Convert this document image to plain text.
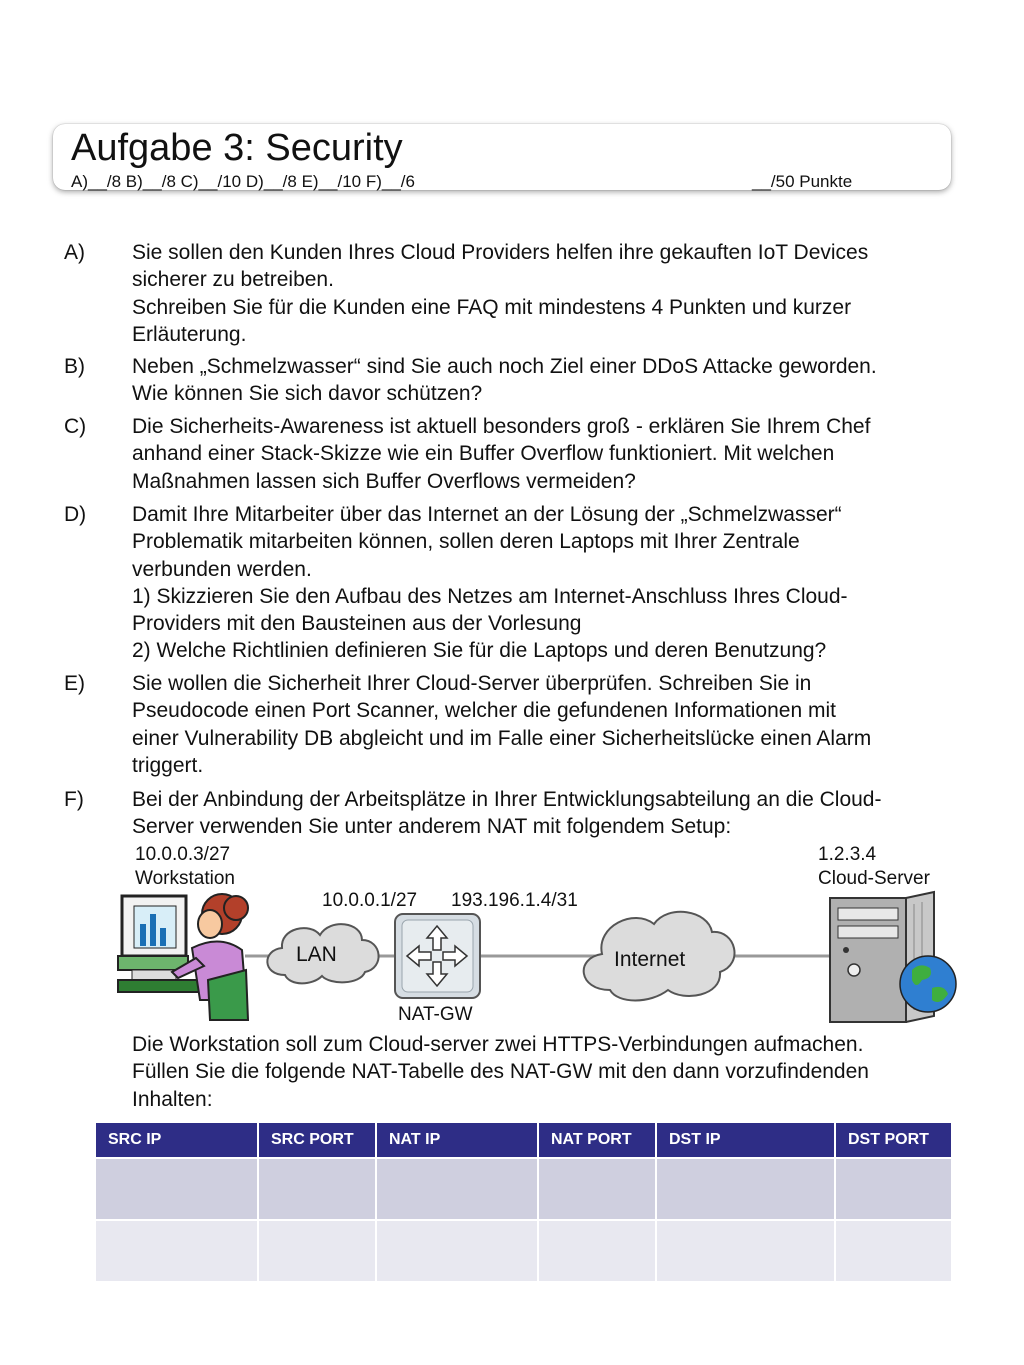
Aufgabe 3: Security
A)__/8 B)__/8 C)__/10 D)__/8 E)__/10 F)__/6	__/50 Punkte
A) Sie sollen den Kunden Ihres Cloud Providers helfen ihre gekauften IoT Devices
sicherer zu betreiben.
Schreiben Sie für die Kunden eine FAQ mit mindestens 4 Punkten und kurzer
Erläuterung.
B) Neben „Schmelzwasser“ sind Sie auch noch Ziel einer DDoS Attacke geworden.
Wie können Sie sich davor schützen?
C) Die Sicherheits-Awareness ist aktuell besonders groß - erklären Sie Ihrem Chef
anhand einer Stack-Skizze wie ein Buffer Overflow funktioniert. Mit welchen
Maßnahmen lassen sich Buffer Overflows vermeiden?
D) Damit Ihre Mitarbeiter über das Internet an der Lösung der „Schmelzwasser“
Problematik mitarbeiten können, sollen deren Laptops mit Ihrer Zentrale
verbunden werden.
1) Skizzieren Sie den Aufbau des Netzes am Internet-Anschluss Ihres Cloud-
Providers mit den Bausteinen aus der Vorlesung
2) Welche Richtlinien definieren Sie für die Laptops und deren Benutzung?
E) Sie wollen die Sicherheit Ihrer Cloud-Server überprüfen. Schreiben Sie in
Pseudocode einen Port Scanner, welcher die gefundenen Informationen mit
einer Vulnerability DB abgleicht und im Falle einer Sicherheitslücke einen Alarm
triggert.
F) Bei der Anbindung der Arbeitsplätze in Ihrer Entwicklungsabteilung an die Cloud-
Server verwenden Sie unter anderem NAT mit folgendem Setup:
10.0.0.3/27
Workstation
1.2.3.4
Cloud-Server
10.0.0.1/27 193.196.1.4/31
NAT-GW
LAN	Internet
Die Workstation soll zum Cloud-server zwei HTTPS-Verbindungen aufmachen.
Füllen Sie die folgende NAT-Tabelle des NAT-GW mit den dann vorzufindenden
Inhalten:
SRC IP	SRC PORT	NAT IP	NAT PORT	DST IP	DST PORT
